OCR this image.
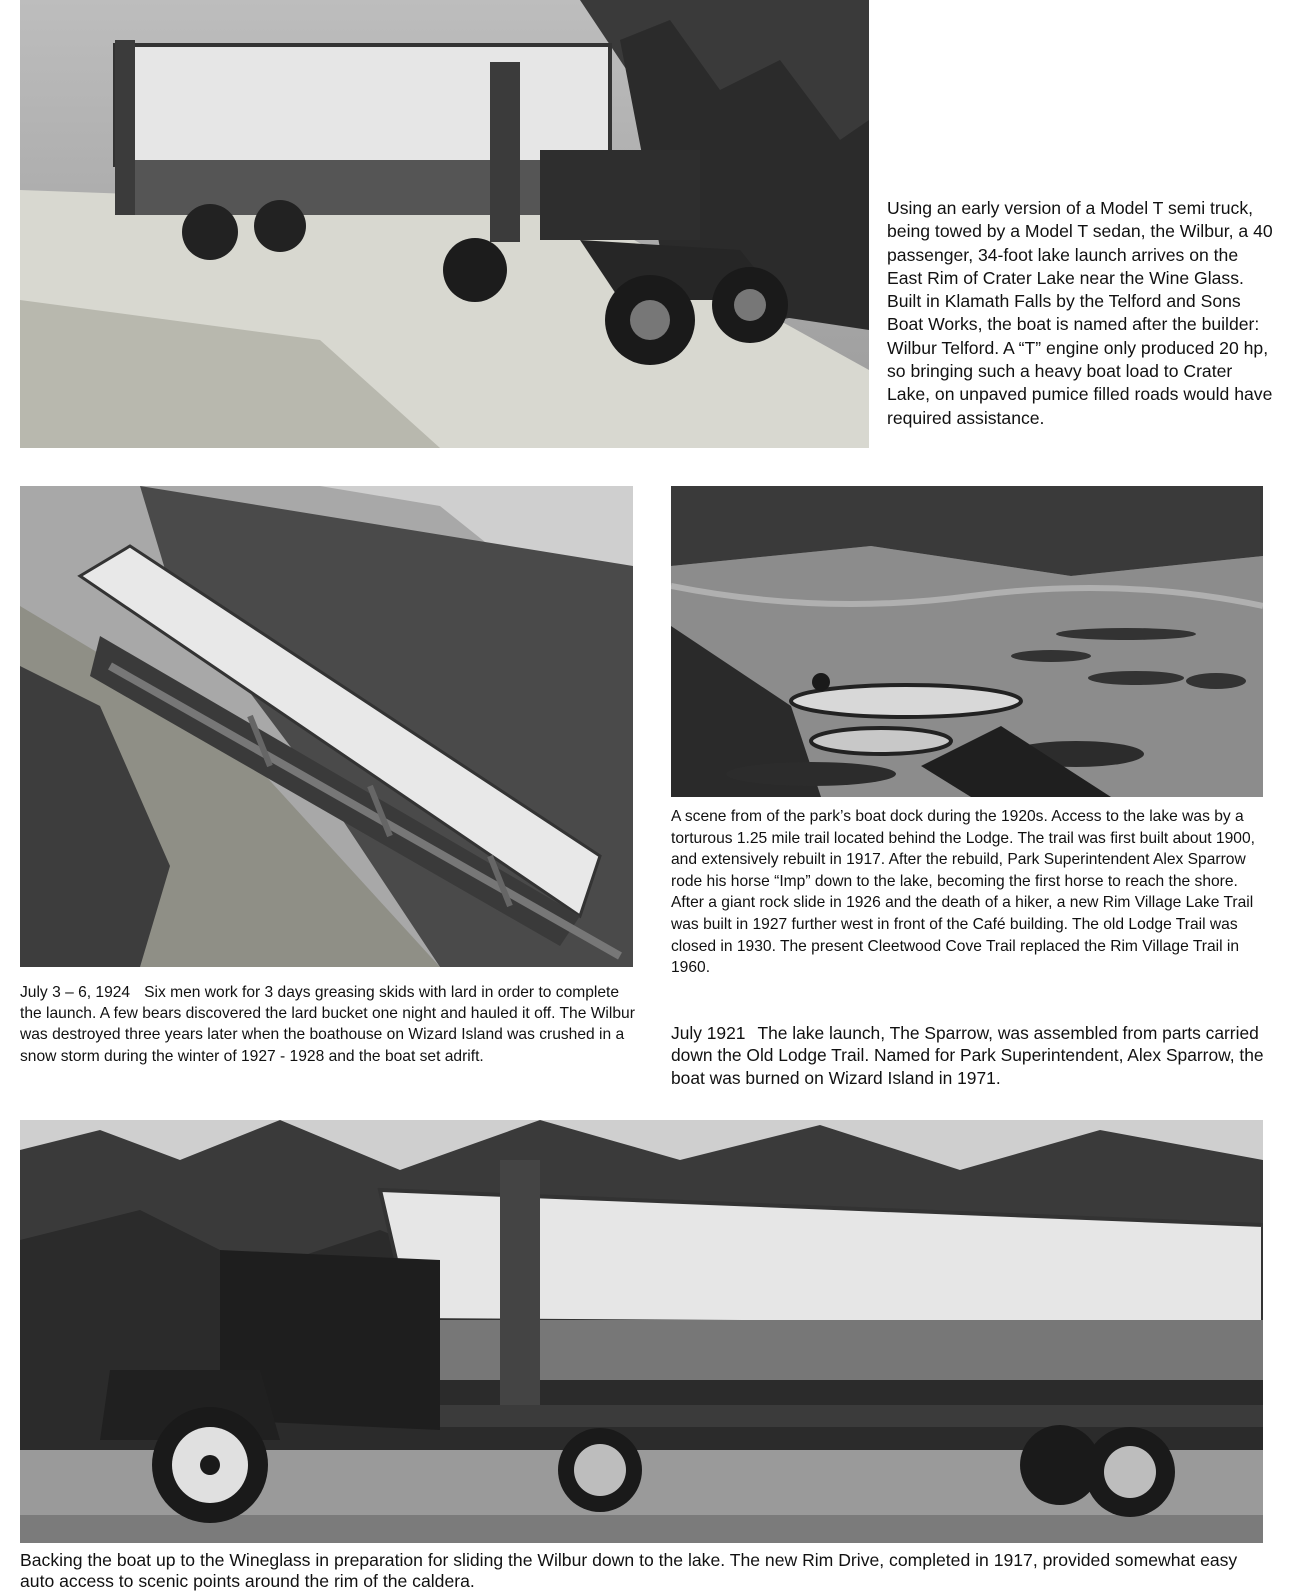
Using an early version of a Model T semi truck, being towed by a Model T sedan, the Wilbur, a 40 passenger, 34-foot lake launch arrives on the East Rim of Crater Lake near the Wine Glass. Built in Klamath Falls by the Telford and Sons Boat Works, the boat is named after the builder: Wilbur Telford. A “T” engine only produced 20 hp, so bringing such a heavy boat load to Crater Lake, on unpaved pumice filled roads would have required assistance.

July 3 – 6, 1924 Six men work for 3 days greasing skids with lard in order to complete the launch. A few bears discovered the lard bucket one night and hauled it off. The Wilbur was destroyed three years later when the boathouse on Wizard Island was crushed in a snow storm during the winter of 1927 - 1928 and the boat set adrift.

A scene from of the park’s boat dock during the 1920s. Access to the lake was by a torturous 1.25 mile trail located behind the Lodge. The trail was first built about 1900, and extensively rebuilt in 1917. After the rebuild, Park Superintendent Alex Sparrow rode his horse “Imp” down to the lake, becoming the first horse to reach the shore. After a giant rock slide in 1926 and the death of a hiker, a new Rim Village Lake Trail was built in 1927 further west in front of the Café building. The old Lodge Trail was closed in 1930. The present Cleetwood Cove Trail replaced the Rim Village Trail in 1960.

July 1921 The lake launch, The Sparrow, was assembled from parts carried down the Old Lodge Trail. Named for Park Superintendent, Alex Sparrow, the boat was burned on Wizard Island in 1971.

Backing the boat up to the Wineglass in preparation for sliding the Wilbur down to the lake. The new Rim Drive, completed in 1917, provided somewhat easy auto access to scenic points around the rim of the caldera.
